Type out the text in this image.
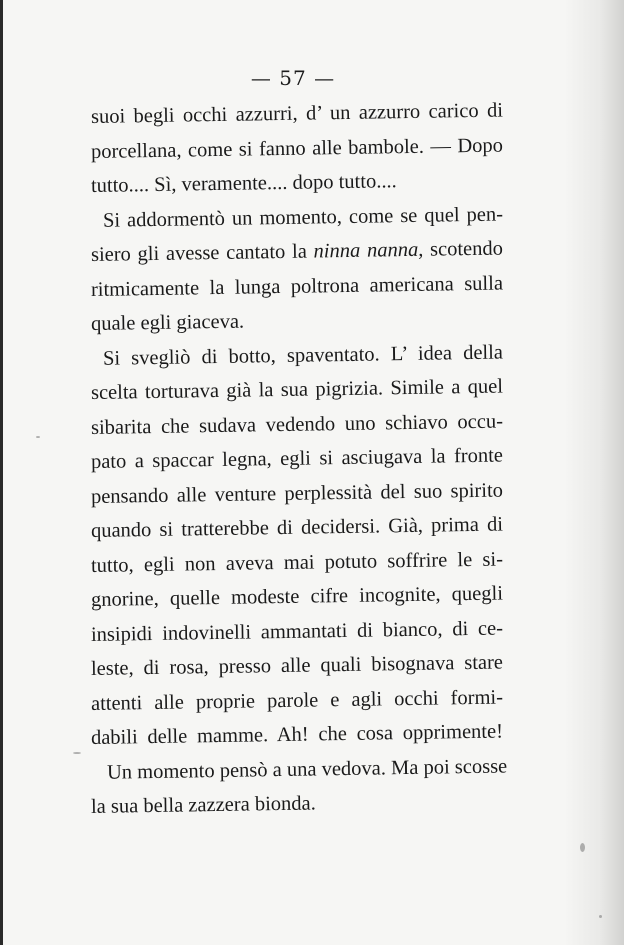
— 57 —
suoi begli occhi azzurri, d’ un azzurro carico di
porcellana, come si fanno alle bambole. — Dopo
tutto.... Sì, veramente.... dopo tutto....
Si addormentò un momento, come se quel pen-
siero gli avesse cantato la ninna nanna, scotendo
ritmicamente la lunga poltrona americana sulla
quale egli giaceva.
Si svegliò di botto, spaventato. L’ idea della
scelta torturava già la sua pigrizia. Simile a quel
sibarita che sudava vedendo uno schiavo occu-
pato a spaccar legna, egli si asciugava la fronte
pensando alle venture perplessità del suo spirito
quando si tratterebbe di decidersi. Già, prima di
tutto, egli non aveva mai potuto soffrire le si-
gnorine, quelle modeste cifre incognite, quegli
insipidi indovinelli ammantati di bianco, di ce-
leste, di rosa, presso alle quali bisognava stare
attenti alle proprie parole e agli occhi formi-
dabili delle mamme. Ah! che cosa opprimente!
Un momento pensò a una vedova. Ma poi scosse
la sua bella zazzera bionda.
